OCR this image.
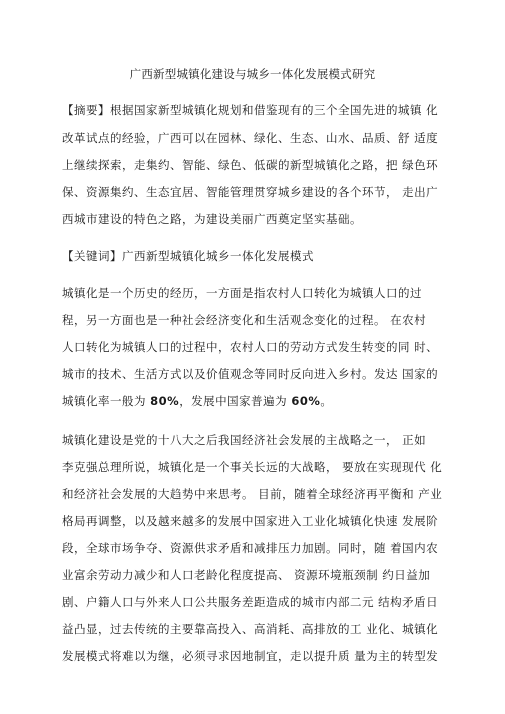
广西新型城镇化建设与城乡一体化发展模式研究
【摘要】根据国家新型城镇化规划和借鉴现有的三个全国先进的城镇 化
改革试点的经验，广西可以在园林、绿化、生态、山水、品质、舒 适度
上继续探索，走集约、智能、绿色、低碳的新型城镇化之路，把 绿色环
保、资源集约、生态宜居、智能管理贯穿城乡建设的各个环节， 走出广
西城市建设的特色之路，为建设美丽广西奠定坚实基础。
【关键词】广西新型城镇化城乡一体化发展模式
城镇化是一个历史的经历，一方面是指农村人口转化为城镇人口的过
程，另一方面也是一种社会经济变化和生活观念变化的过程。 在农村
人口转化为城镇人口的过程中，农村人口的劳动方式发生转变的同 时、
城市的技术、生活方式以及价值观念等同时反向进入乡村。发达 国家的
城镇化率一般为 80%，发展中国家普遍为 60%。
城镇化建设是党的十八大之后我国经济社会发展的主战略之一， 正如
李克强总理所说，城镇化是一个事关长远的大战略， 要放在实现现代 化
和经济社会发展的大趋势中来思考。 目前，随着全球经济再平衡和 产业
格局再调整，以及越来越多的发展中国家进入工业化城镇化快速 发展阶
段，全球市场争夺、资源供求矛盾和减排压力加剧。同时，随 着国内农
业富余劳动力减少和人口老龄化程度提高、 资源环境瓶颈制 约日益加
剧、户籍人口与外来人口公共服务差距造成的城市内部二元 结构矛盾日
益凸显，过去传统的主要靠高投入、高消耗、高排放的工 业化、城镇化
发展模式将难以为继，必须寻求因地制宜，走以提升质 量为主的转型发
